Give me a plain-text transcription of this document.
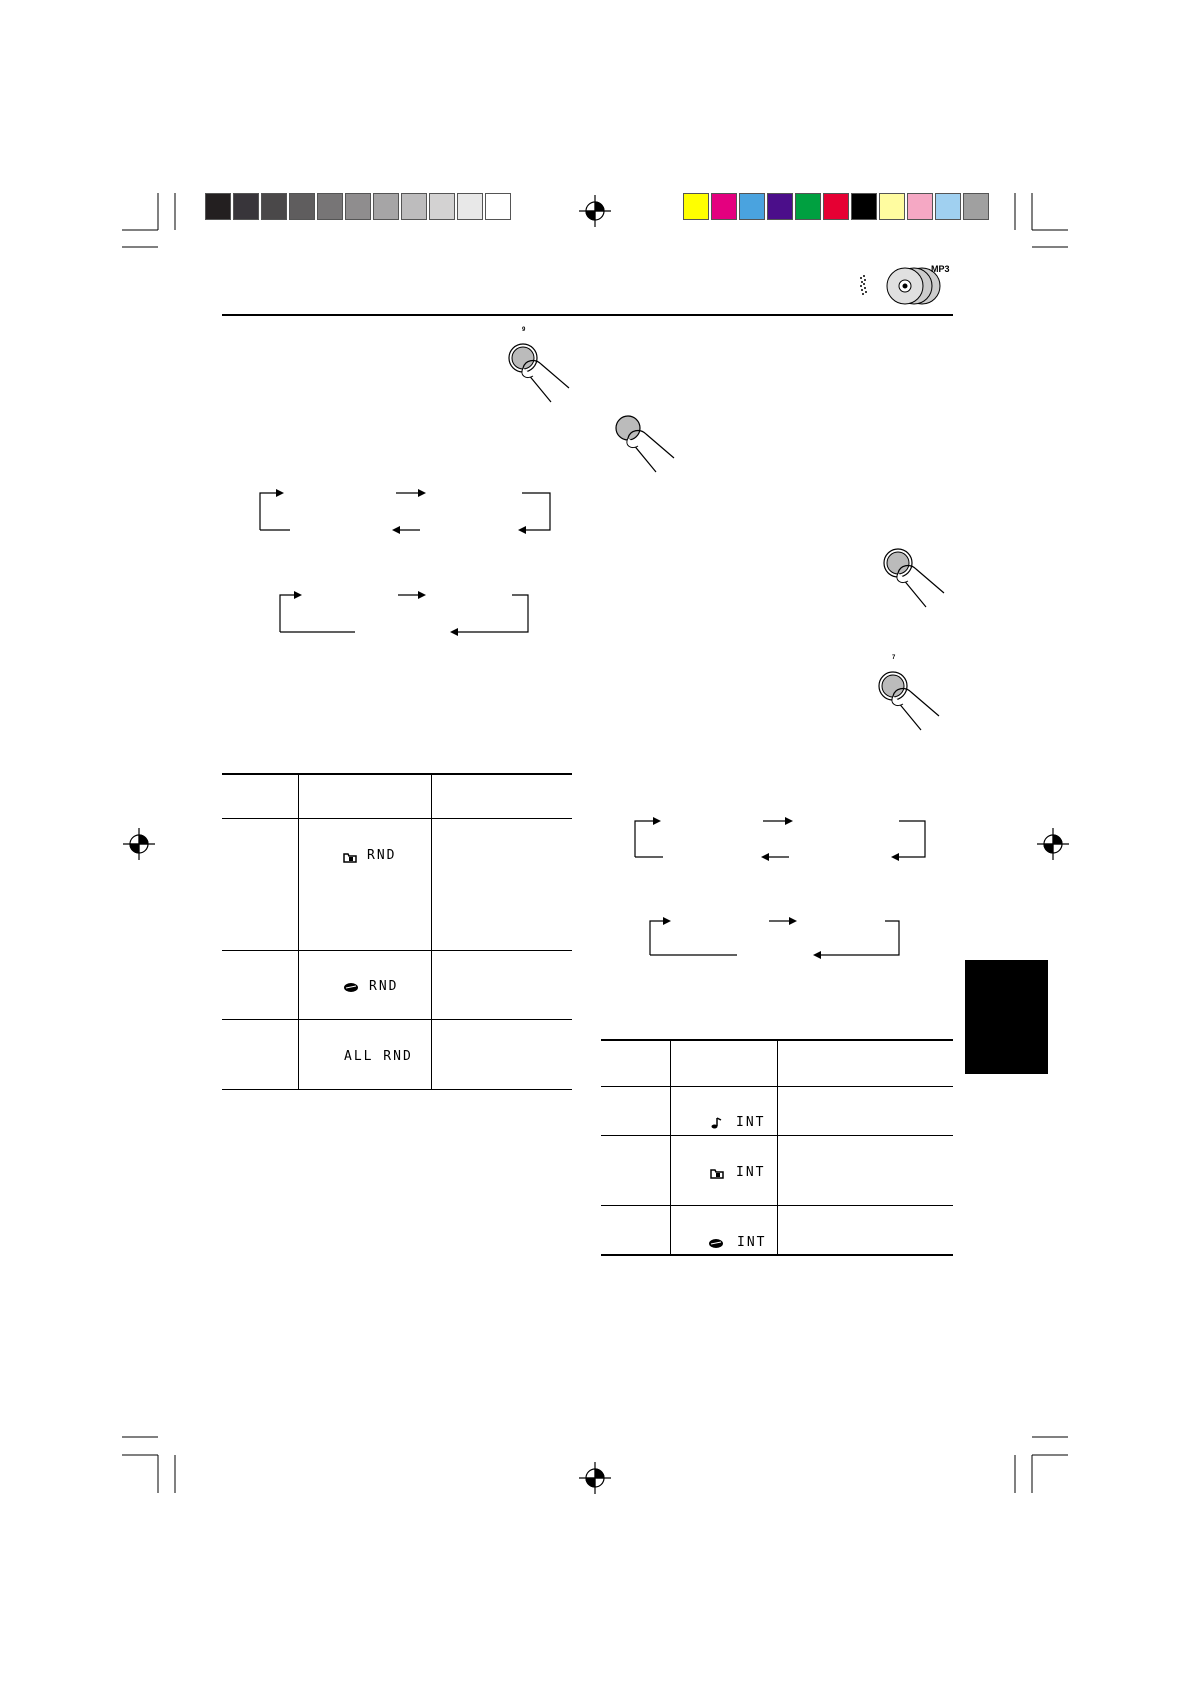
MP3
9
RND
RND
ALL RND
7
INT
INT
INT
